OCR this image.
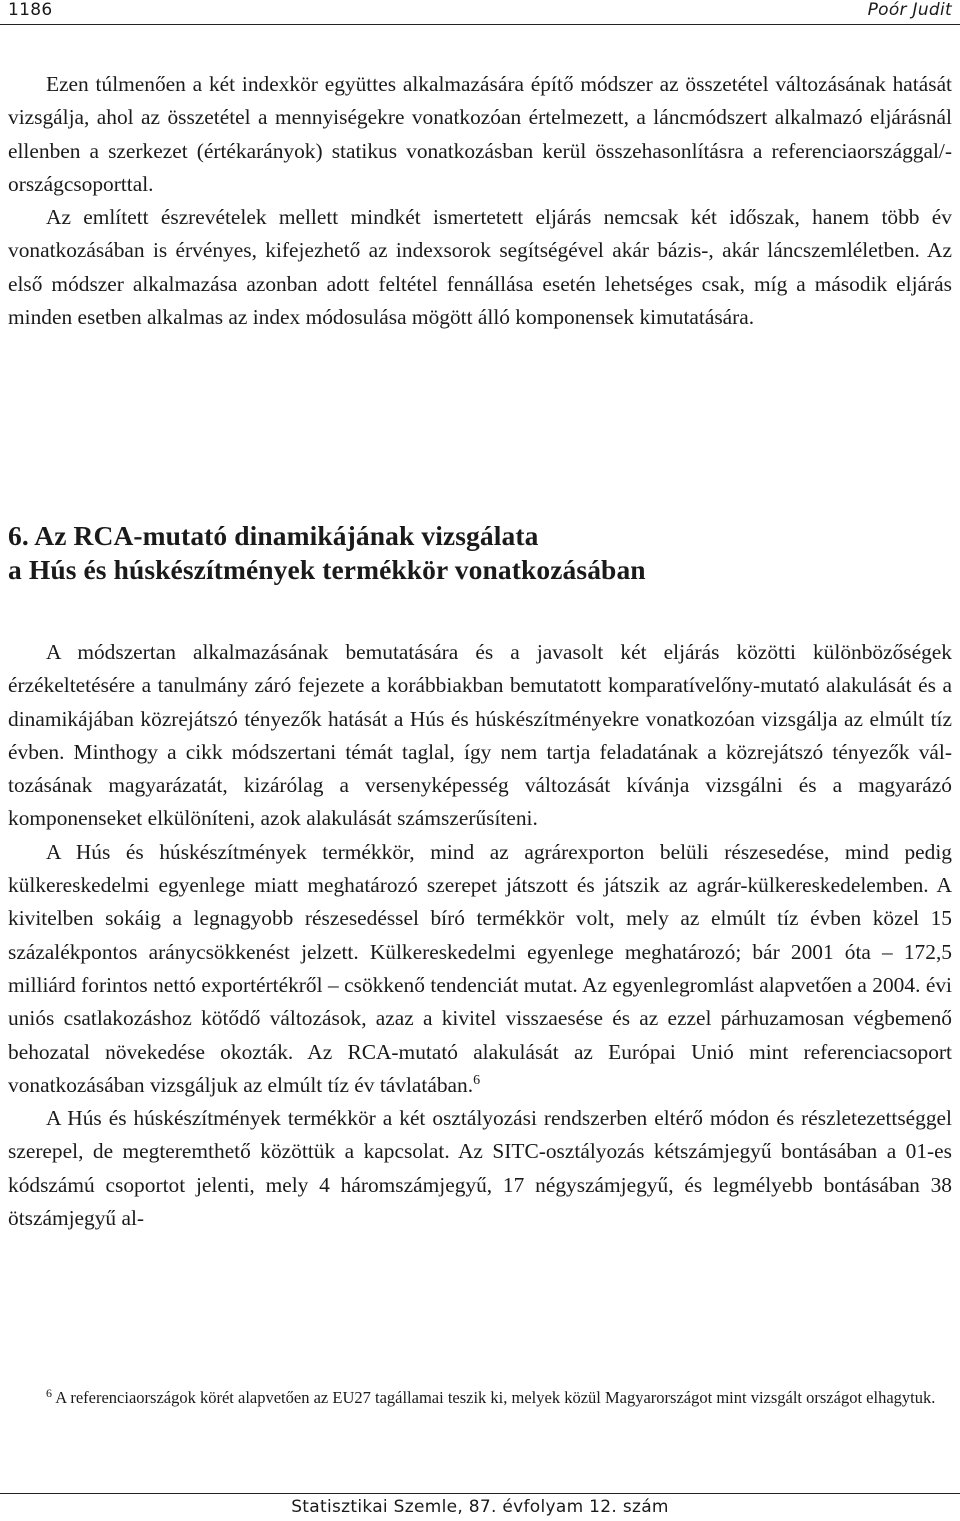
1186	Poór Judit

Ezen túlmenően a két indexkör együttes alkalmazására építő módszer az összetétel változásának hatását vizsgálja, ahol az összetétel a mennyiségekre vonatkozóan értelmezett, a láncmódszert alkalmazó eljárásnál ellenben a szerkezet (értékarányok) statikus vonatkozásban kerül összehasonlításra a referenciaországgal/-országcsoporttal.

Az említett észrevételek mellett mindkét ismertetett eljárás nemcsak két időszak, hanem több év vonatkozásában is érvényes, kifejezhető az indexsorok segítségével akár bázis-, akár láncszemléletben. Az első módszer alkalmazása azonban adott feltétel fennállása esetén lehetséges csak, míg a második eljárás minden esetben alkalmas az index módosulása mögött álló komponensek kimutatására.

6. Az RCA-mutató dinamikájának vizsgálata
a Hús és húskészítmények termékkör vonatkozásában

A módszertan alkalmazásának bemutatására és a javasolt két eljárás közötti különbözőségek érzékeltetésére a tanulmány záró fejezete a korábbiakban bemutatott komparatívelőny-mutató alakulását és a dinamikájában közrejátszó tényezők hatását a Hús és húskészítményekre vonatkozóan vizsgálja az elmúlt tíz évben. Minthogy a cikk módszertani témát taglal, így nem tartja feladatának a közrejátszó tényezők változásának magyarázatát, kizárólag a versenyképesség változását kívánja vizsgálni és a magyarázó komponenseket elkülöníteni, azok alakulását számszerűsíteni.

A Hús és húskészítmények termékkör, mind az agrárexporton belüli részesedése, mind pedig külkereskedelmi egyenlege miatt meghatározó szerepet játszott és játszik az agrár-külkereskedelemben. A kivitelben sokáig a legnagyobb részesedéssel bíró termékkör volt, mely az elmúlt tíz évben közel 15 százalékpontos aránycsökkenést jelzett. Külkereskedelmi egyenlege meghatározó; bár 2001 óta – 172,5 milliárd forintos nettó exportértékről – csökkenő tendenciát mutat. Az egyenlegromlást alapvetően a 2004. évi uniós csatlakozáshoz kötődő változások, azaz a kivitel visszaesése és az ezzel párhuzamosan végbemenő behozatal növekedése okozták. Az RCA-mutató alakulását az Európai Unió mint referenciacsoport vonatkozásában vizsgáljuk az elmúlt tíz év távlatában.$^6$

A Hús és húskészítmények termékkör a két osztályozási rendszerben eltérő módon és részletezettséggel szerepel, de megteremthető közöttük a kapcsolat. Az SITC-osztályozás kétszámjegyű bontásában a 01-es kódszámú csoportot jelenti, mely 4 háromszámjegyű, 17 négyszámjegyű, és legmélyebb bontásában 38 ötszámjegyű al-

$^6$ A referenciaországok körét alapvetően az EU27 tagállamai teszik ki, melyek közül Magyarországot mint vizsgált országot elhagytuk.

Statisztikai Szemle, 87. évfolyam 12. szám
